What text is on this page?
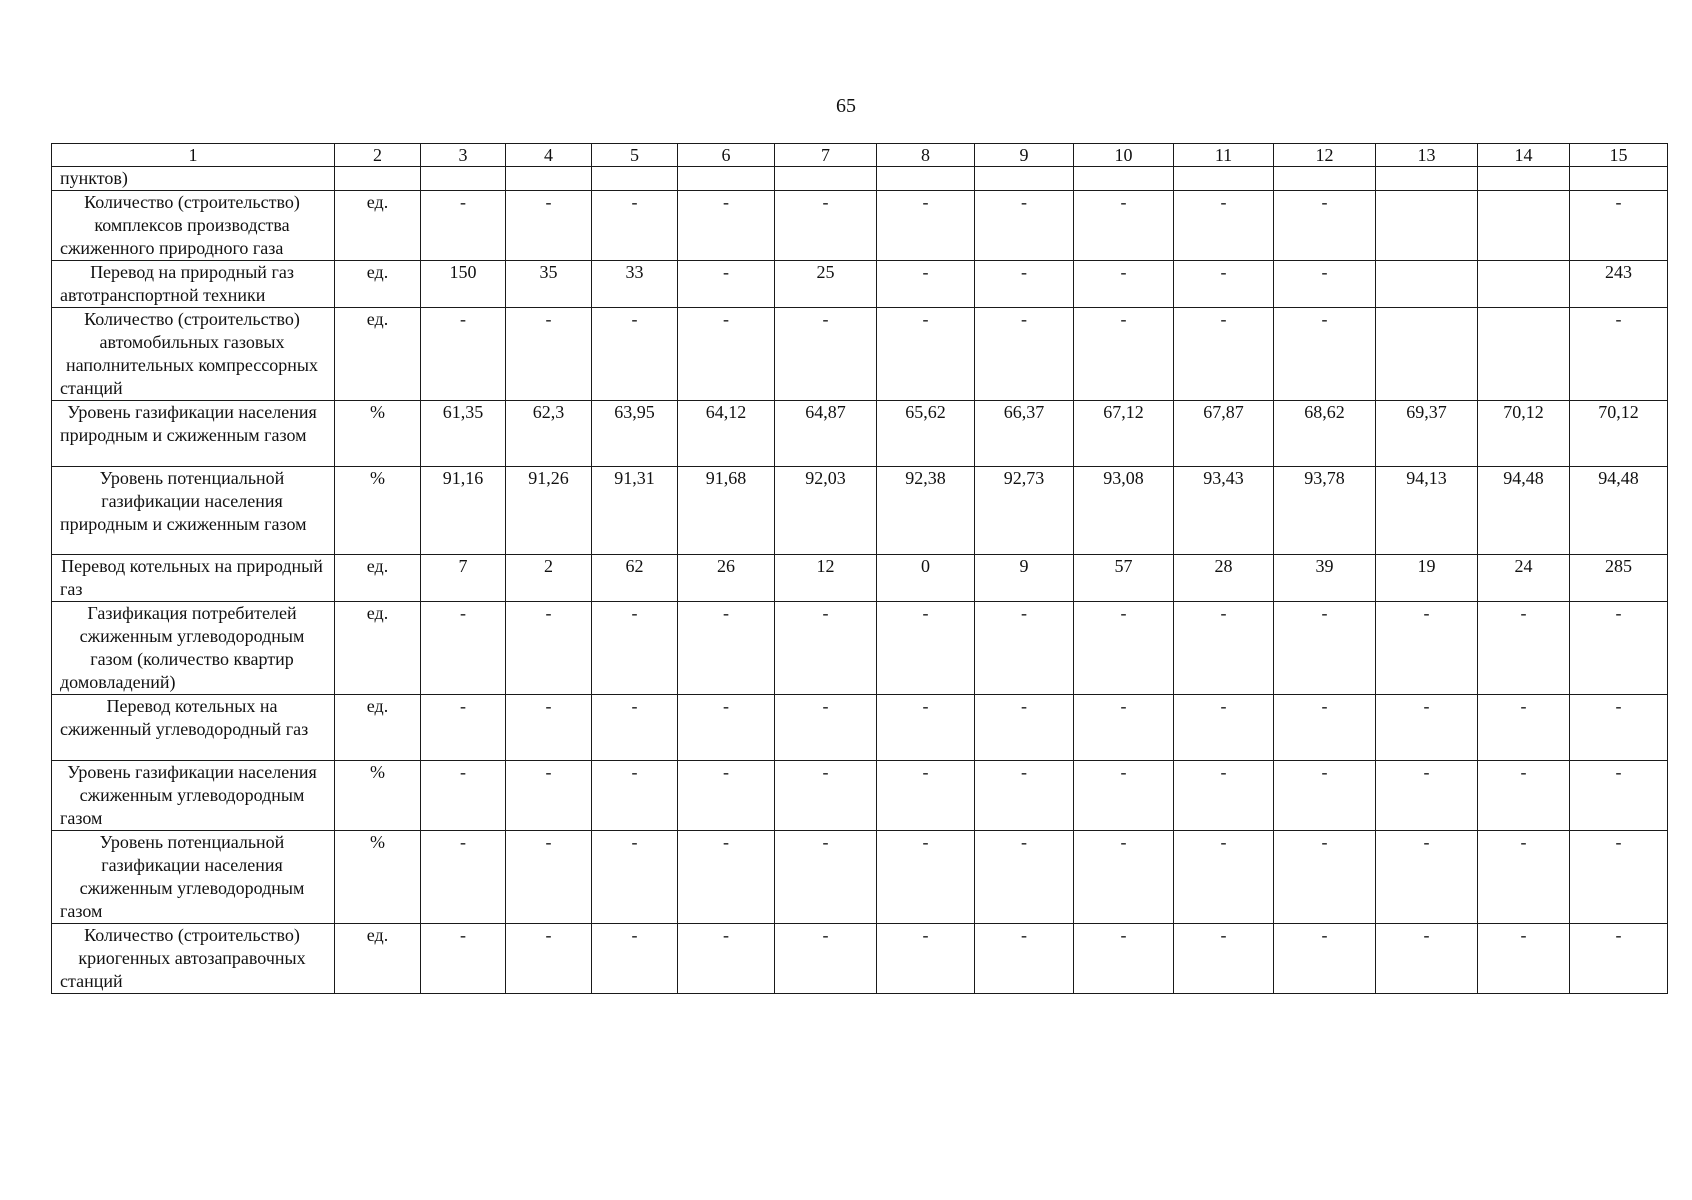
65
1	2	3	4	5	6	7	8	9	10	11	12	13	14	15
пунктов)														
Количество (строительство) комплексов производства сжиженного природного газа	ед.	-	-	-	-	-	-	-	-	-	-			-
Перевод на природный газ автотранспортной техники	ед.	150	35	33	-	25	-	-	-	-	-			243
Количество (строительство) автомобильных газовых наполнительных компрессорных станций	ед.	-	-	-	-	-	-	-	-	-	-			-
Уровень газификации населения природным и сжиженным газом	%	61,35	62,3	63,95	64,12	64,87	65,62	66,37	67,12	67,87	68,62	69,37	70,12	70,12
Уровень потенциальной газификации населения природным и сжиженным газом	%	91,16	91,26	91,31	91,68	92,03	92,38	92,73	93,08	93,43	93,78	94,13	94,48	94,48
Перевод котельных на природный газ	ед.	7	2	62	26	12	0	9	57	28	39	19	24	285
Газификация потребителей сжиженным углеводородным газом (количество квартир домовладений)	ед.	-	-	-	-	-	-	-	-	-	-	-	-	-
Перевод котельных на сжиженный углеводородный газ	ед.	-	-	-	-	-	-	-	-	-	-	-	-	-
Уровень газификации населения сжиженным углеводородным газом	%	-	-	-	-	-	-	-	-	-	-	-	-	-
Уровень потенциальной газификации населения сжиженным углеводородным газом	%	-	-	-	-	-	-	-	-	-	-	-	-	-
Количество (строительство) криогенных автозаправочных станций	ед.	-	-	-	-	-	-	-	-	-	-	-	-	-
